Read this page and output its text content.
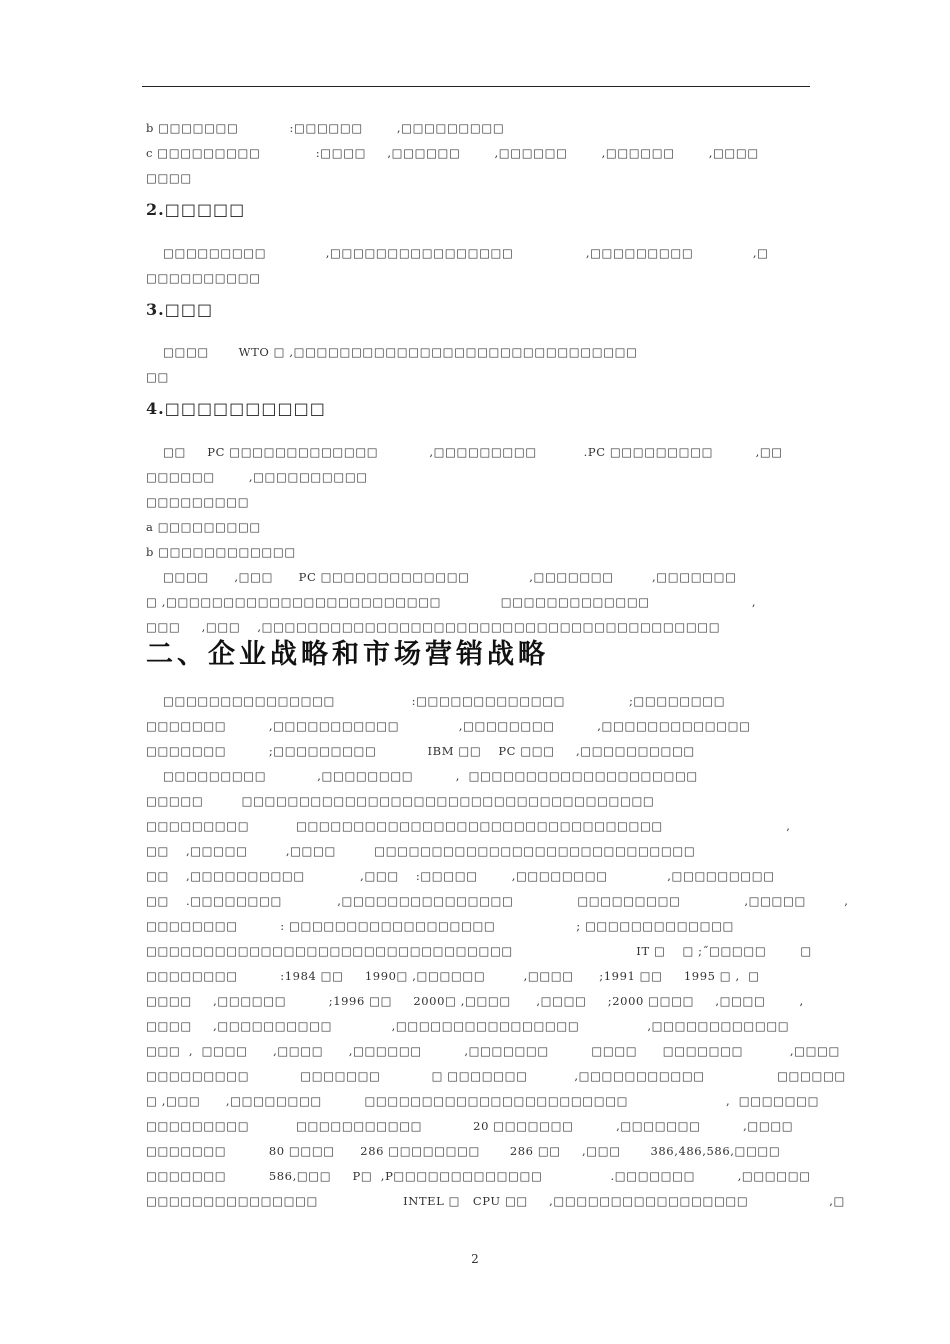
b □□□□□□□            :□□□□□□        ,□□□□□□□□□
c □□□□□□□□□             :□□□□     ,□□□□□□        ,□□□□□□        ,□□□□□□        ,□□□□
□□□□
2.□□□□□
□□□□□□□□□              ,□□□□□□□□□□□□□□□□                 ,□□□□□□□□□              ,□
□□□□□□□□□□
3.□□□
□□□□       WTO □ ,□□□□□□□□□□□□□□□□□□□□□□□□□□□□□□
□□
4.□□□□□□□□□□
□□     PC □□□□□□□□□□□□□            ,□□□□□□□□□           .PC □□□□□□□□□          ,□□
□□□□□□        ,□□□□□□□□□□
□□□□□□□□□
a □□□□□□□□□
b □□□□□□□□□□□□
□□□□      ,□□□      PC □□□□□□□□□□□□□              ,□□□□□□□         ,□□□□□□□
□ ,□□□□□□□□□□□□□□□□□□□□□□□□              □□□□□□□□□□□□□                        ,
□□□     ,□□□    ,□□□□□□□□□□□□□□□□□□□□□□□□□□□□□□□□□□□□□□□□
二、企业战略和市场营销战略
□□□□□□□□□□□□□□□                  :□□□□□□□□□□□□□               ;□□□□□□□□
□□□□□□□          ,□□□□□□□□□□□              ,□□□□□□□□          ,□□□□□□□□□□□□□
□□□□□□□          ;□□□□□□□□□            IBM □□    PC □□□     ,□□□□□□□□□□
□□□□□□□□□            ,□□□□□□□□          ,  □□□□□□□□□□□□□□□□□□□□
□□□□□         □□□□□□□□□□□□□□□□□□□□□□□□□□□□□□□□□□□□
□□□□□□□□□           □□□□□□□□□□□□□□□□□□□□□□□□□□□□□□□□                             ,
□□    ,□□□□□         ,□□□□         □□□□□□□□□□□□□□□□□□□□□□□□□□□□
□□    ,□□□□□□□□□□             ,□□□    :□□□□□        ,□□□□□□□□              ,□□□□□□□□□
□□    .□□□□□□□□             ,□□□□□□□□□□□□□□□               □□□□□□□□□               ,□□□□□         ,
□□□□□□□□          : □□□□□□□□□□□□□□□□□□                   ; □□□□□□□□□□□□□
□□□□□□□□□□□□□□□□□□□□□□□□□□□□□□□□                             IT □    □ ;˝□□□□□        □
□□□□□□□□          :1984 □□     1990□ ,□□□□□□         ,□□□□      ;1991 □□     1995 □ ,  □
□□□□     ,□□□□□□          ;1996 □□     2000□ ,□□□□      ,□□□□     ;2000 □□□□     ,□□□□        ,
□□□□     ,□□□□□□□□□□              ,□□□□□□□□□□□□□□□□                ,□□□□□□□□□□□□
□□□  ,  □□□□      ,□□□□      ,□□□□□□          ,□□□□□□□          □□□□      □□□□□□□           ,□□□□
□□□□□□□□□            □□□□□□□            □ □□□□□□□           ,□□□□□□□□□□□                 □□□□□□
□ ,□□□      ,□□□□□□□□          □□□□□□□□□□□□□□□□□□□□□□□                       ,  □□□□□□□
□□□□□□□□□           □□□□□□□□□□□            20 □□□□□□□          ,□□□□□□□          ,□□□□
□□□□□□□          80 □□□□      286 □□□□□□□□       286 □□     ,□□□       386,486,586,□□□□
□□□□□□□          586,□□□     P□  ,P□□□□□□□□□□□□□                .□□□□□□□          ,□□□□□□
□□□□□□□□□□□□□□□                    INTEL □   CPU □□     ,□□□□□□□□□□□□□□□□□                   ,□
2
